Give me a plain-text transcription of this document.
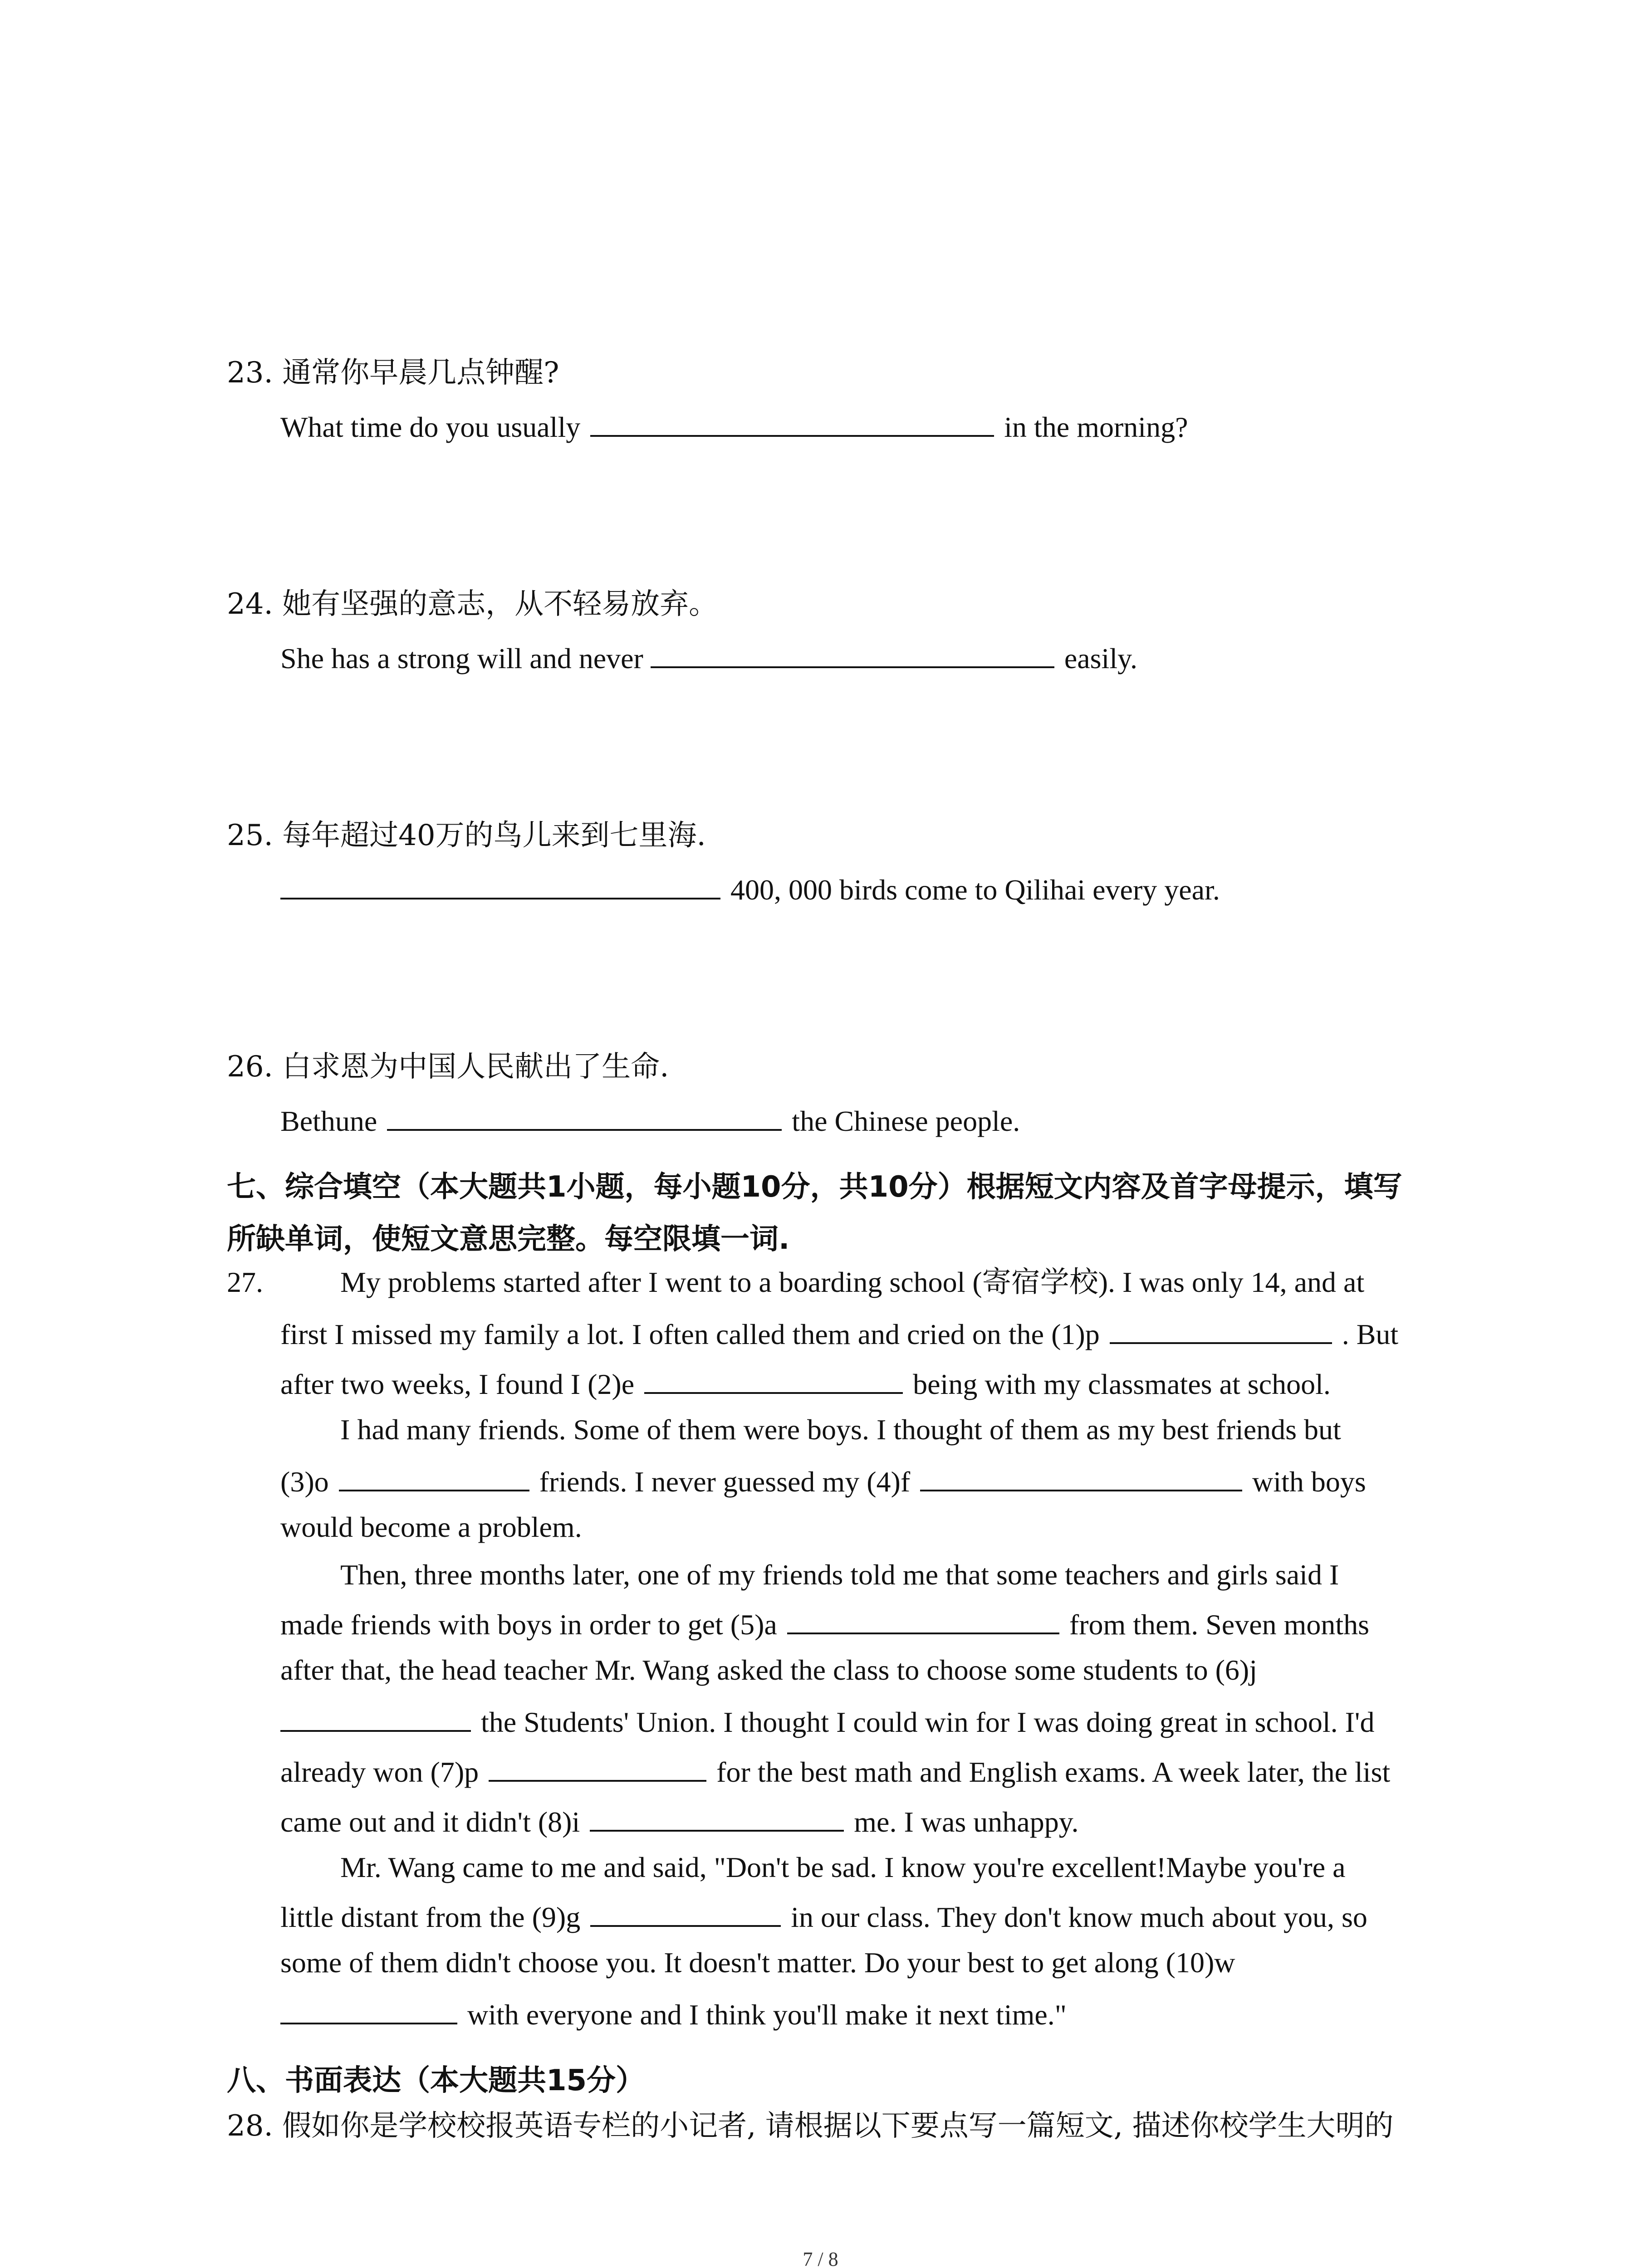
23. 通常你早晨几点钟醒?
What time do you usually	in the morning?
24. 她有坚强的意志，从不轻易放弃。
She has a strong will and never	easily.
25. 每年超过40万的鸟儿来到七里海.
400, 000 birds come to Qilihai every year.
26. 白求恩为中国人民献出了生命.
Bethune	the Chinese people.
七、综合填空（本大题共1小题，每小题10分，共10分）根据短文内容及首字母提示，填写
所缺单词，使短文意思完整。每空限填一词.
27.	My problems started after I went to a boarding school (寄宿学校). I was only 14, and at
first I missed my family a lot. I often called them and cried on the (1)p	. But
after two weeks, I found I (2)e	being with my classmates at school.
I had many friends. Some of them were boys. I thought of them as my best friends but
(3)o	friends. I never guessed my (4)f	with boys
would become a problem.
Then, three months later, one of my friends told me that some teachers and girls said I
made friends with boys in order to get (5)a	from them. Seven months
after that, the head teacher Mr. Wang asked the class to choose some students to (6)j
the Students' Union. I thought I could win for I was doing great in school. I'd
already won (7)p	for the best math and English exams. A week later, the list
came out and it didn't (8)i	me. I was unhappy.
Mr. Wang came to me and said, "Don't be sad. I know you're excellent!Maybe you're a
little distant from the (9)g	in our class. They don't know much about you, so
some of them didn't choose you. It doesn't matter. Do your best to get along (10)w
with everyone and I think you'll make it next time."
八、书面表达（本大题共15分）
28. 假如你是学校校报英语专栏的小记者, 请根据以下要点写一篇短文, 描述你校学生大明的
7 / 8
